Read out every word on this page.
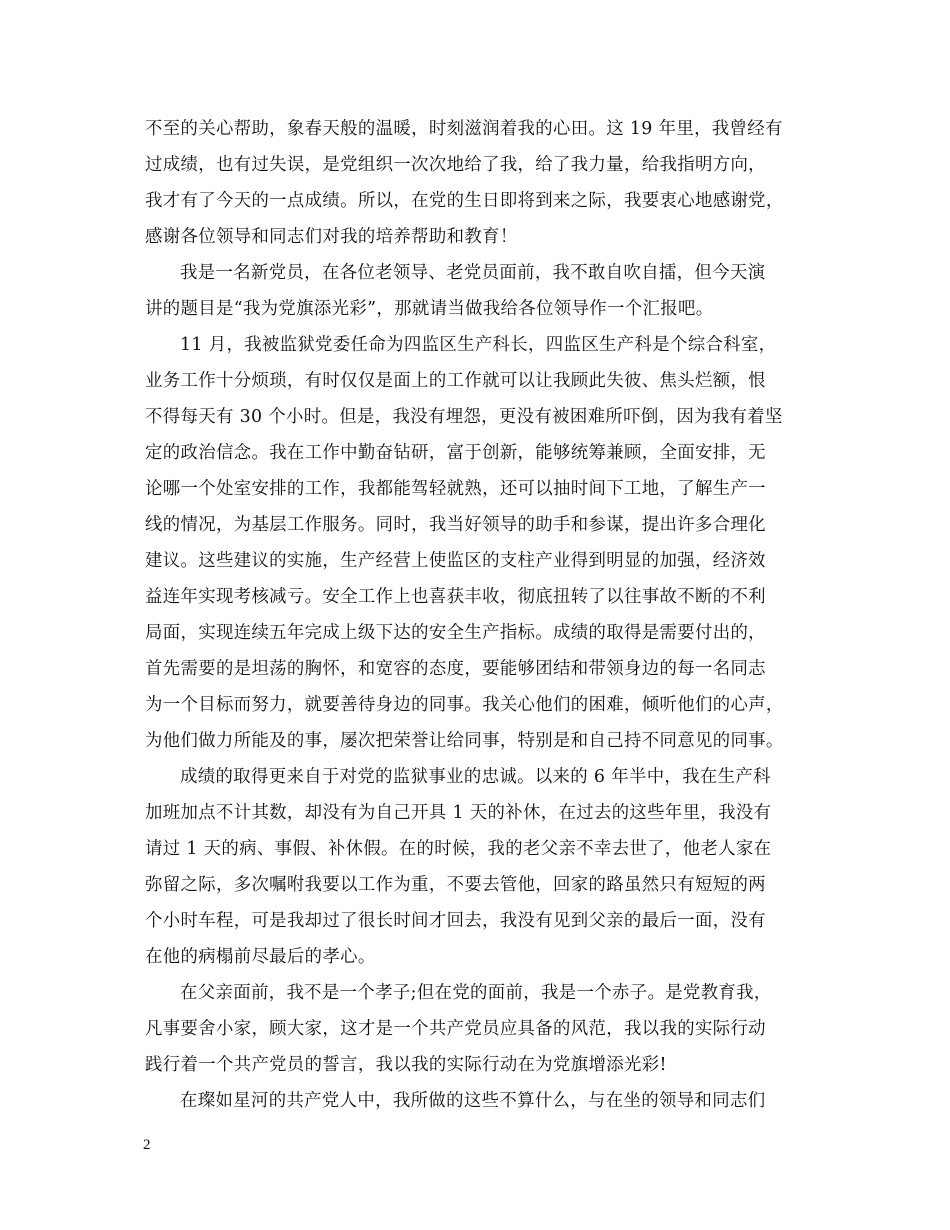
不至的关心帮助，象春天般的温暖，时刻滋润着我的心田。这 19 年里，我曾经有
过成绩，也有过失误，是党组织一次次地给了我，给了我力量，给我指明方向，
我才有了今天的一点成绩。所以，在党的生日即将到来之际，我要衷心地感谢党，
感谢各位领导和同志们对我的培养帮助和教育！
我是一名新党员，在各位老领导、老党员面前，我不敢自吹自擂，但今天演
讲的题目是“我为党旗添光彩”，那就请当做我给各位领导作一个汇报吧。
11 月，我被监狱党委任命为四监区生产科长，四监区生产科是个综合科室，
业务工作十分烦琐，有时仅仅是面上的工作就可以让我顾此失彼、焦头烂额，恨
不得每天有 30 个小时。但是，我没有埋怨，更没有被困难所吓倒，因为我有着坚
定的政治信念。我在工作中勤奋钻研，富于创新，能够统筹兼顾，全面安排，无
论哪一个处室安排的工作，我都能驾轻就熟，还可以抽时间下工地，了解生产一
线的情况，为基层工作服务。同时，我当好领导的助手和参谋，提出许多合理化
建议。这些建议的实施，生产经营上使监区的支柱产业得到明显的加强，经济效
益连年实现考核减亏。安全工作上也喜获丰收，彻底扭转了以往事故不断的不利
局面，实现连续五年完成上级下达的安全生产指标。成绩的取得是需要付出的，
首先需要的是坦荡的胸怀，和宽容的态度，要能够团结和带领身边的每一名同志
为一个目标而努力，就要善待身边的同事。我关心他们的困难，倾听他们的心声，
为他们做力所能及的事，屡次把荣誉让给同事，特别是和自己持不同意见的同事。
成绩的取得更来自于对党的监狱事业的忠诚。以来的 6 年半中，我在生产科
加班加点不计其数，却没有为自己开具 1 天的补休，在过去的这些年里，我没有
请过 1 天的病、事假、补休假。在的时候，我的老父亲不幸去世了，他老人家在
弥留之际，多次嘱咐我要以工作为重，不要去管他，回家的路虽然只有短短的两
个小时车程，可是我却过了很长时间才回去，我没有见到父亲的最后一面，没有
在他的病榻前尽最后的孝心。
在父亲面前，我不是一个孝子;但在党的面前，我是一个赤子。是党教育我，
凡事要舍小家，顾大家，这才是一个共产党员应具备的风范，我以我的实际行动
践行着一个共产党员的誓言，我以我的实际行动在为党旗增添光彩!
在璨如星河的共产党人中，我所做的这些不算什么，与在坐的领导和同志们
2
